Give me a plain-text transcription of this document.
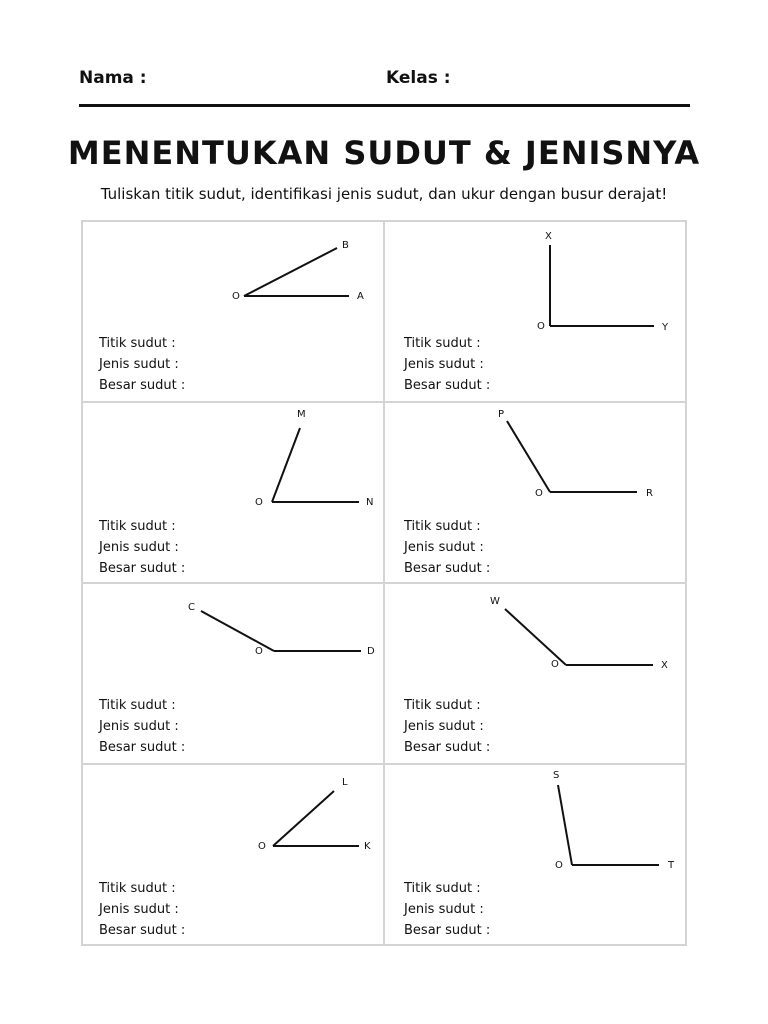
Nama :	Kelas :
MENENTUKAN SUDUT & JENISNYA
Tuliskan titik sudut, identifikasi jenis sudut, dan ukur dengan busur derajat!
O
B
A
O
X
Y
O
M
N
O
P
R
O
C
D
O
W
X
O
L
K
O
S
T
Titik sudut :
Jenis sudut :
Besar sudut :
Titik sudut :
Jenis sudut :
Besar sudut :
Titik sudut :
Jenis sudut :
Besar sudut :
Titik sudut :
Jenis sudut :
Besar sudut :
Titik sudut :
Jenis sudut :
Besar sudut :
Titik sudut :
Jenis sudut :
Besar sudut :
Titik sudut :
Jenis sudut :
Besar sudut :
Titik sudut :
Jenis sudut :
Besar sudut :
